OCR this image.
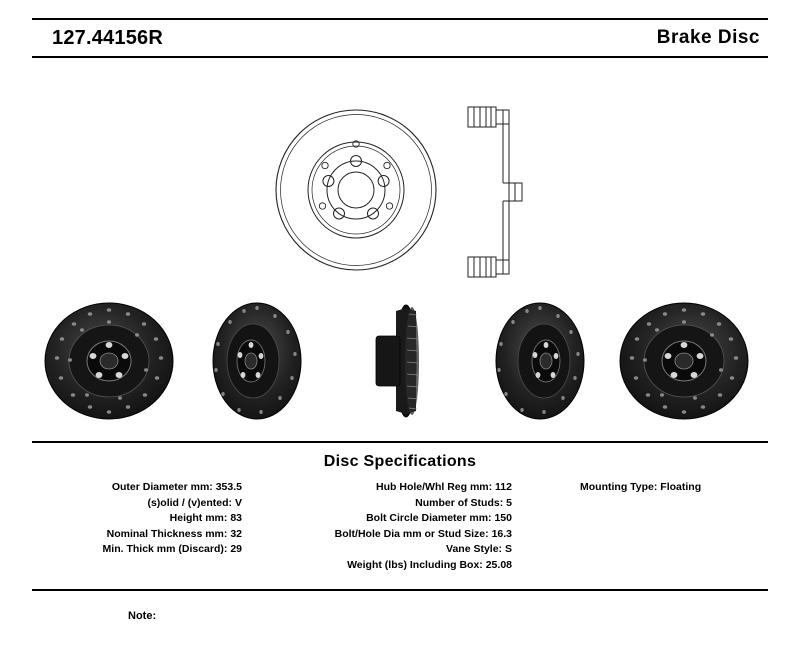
127.44156R	Brake Disc
Disc Specifications
Outer Diameter mm: 353.5
(s)olid / (v)ented: V
Height mm: 83
Nominal Thickness mm: 32
Min. Thick mm (Discard): 29
Hub Hole/Whl Reg mm: 112
Number of Studs: 5
Bolt Circle Diameter mm: 150
Bolt/Hole Dia mm or Stud Size: 16.3
Vane Style: S
Weight (lbs) Including Box: 25.08
Mounting Type: Floating
Note:
